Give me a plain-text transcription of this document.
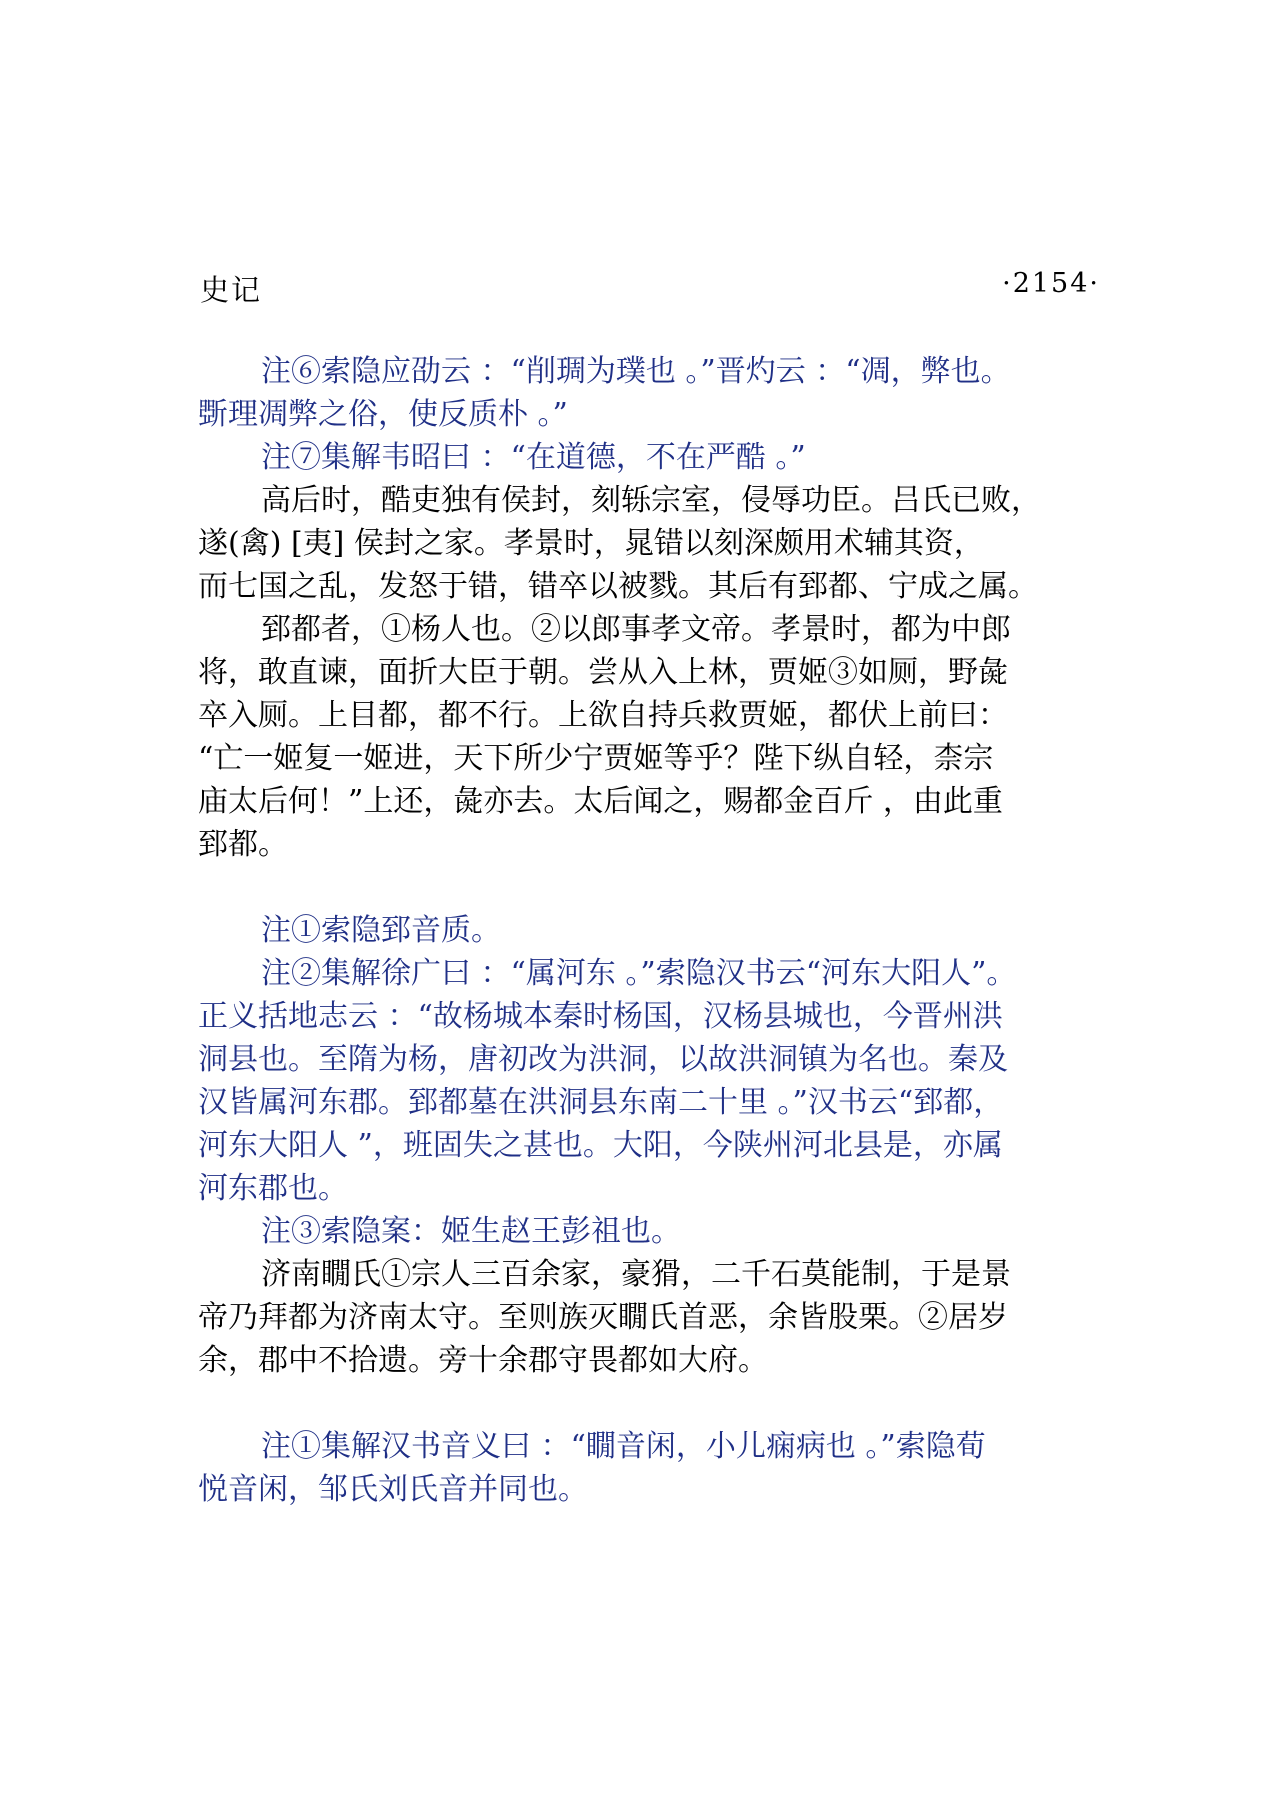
史记	·2154·
注⑥索隐应劭云 ：“削琱为璞也 。”晋灼云 ：“凋，弊也。
斲理凋弊之俗，使反质朴 。”
注⑦集解韦昭曰 ：“在道德，不在严酷 。”
高后时，酷吏独有侯封，刻轹宗室，侵辱功臣。吕氏已败，
遂(禽) [夷] 侯封之家。孝景时，晁错以刻深颇用术辅其资，
而七国之乱，发怒于错，错卒以被戮。其后有郅都、宁成之属。
郅都者，①杨人也。②以郎事孝文帝。孝景时，都为中郎
将，敢直谏，面折大臣于朝。尝从入上林，贾姬③如厕，野彘
卒入厕。上目都，都不行。上欲自持兵救贾姬，都伏上前曰：
“亡一姬复一姬进，天下所少宁贾姬等乎？陛下纵自轻，柰宗
庙太后何！”上还，彘亦去。太后闻之，赐都金百斤 ，由此重
郅都。
注①索隐郅音质。
注②集解徐广曰 ：“属河东 。”索隐汉书云“河东大阳人”。
正义括地志云 ：“故杨城本秦时杨国，汉杨县城也，今晋州洪
洞县也。至隋为杨，唐初改为洪洞，以故洪洞镇为名也。秦及
汉皆属河东郡。郅都墓在洪洞县东南二十里 。”汉书云“郅都，
河东大阳人 ”，班固失之甚也。大阳，今陕州河北县是，亦属
河东郡也。
注③索隐案：姬生赵王彭祖也。
济南瞯氏①宗人三百余家，豪猾，二千石莫能制，于是景
帝乃拜都为济南太守。至则族灭瞯氏首恶，余皆股栗。②居岁
余，郡中不拾遗。旁十余郡守畏都如大府。
注①集解汉书音义曰 ：“瞯音闲，小儿痫病也 。”索隐荀
悦音闲，邹氏刘氏音并同也。
